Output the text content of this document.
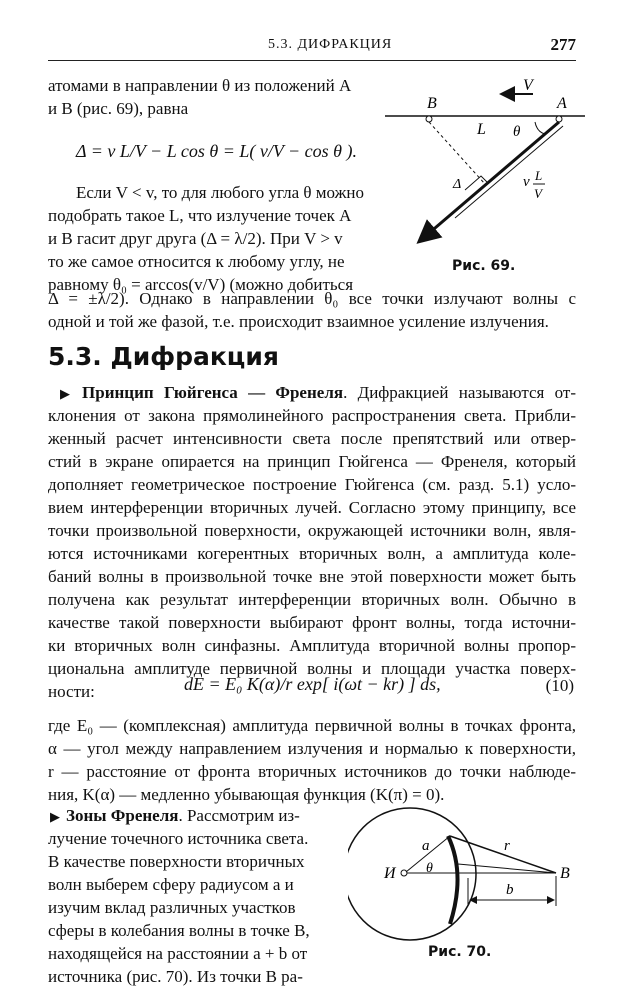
5.3. ДИФРАКЦИЯ	277
атомами в направлении θ из положений A
и B (рис. 69), равна
Δ = v L/V − L cos θ = L( v/V − cos θ ).
Если V < v, то для любого угла θ можно
подобрать такое L, что излучение точек A
и B гасит друг друга (Δ = λ/2). При V > v
то же самое относится к любому углу, не
равному θ₀ = arccos(v/V) (можно добиться
Δ = ±λ/2). Однако в направлении θ₀ все точки излучают волны с
одной и той же фазой, т.е. происходит взаимное усиление излучения.
V
B	A
L θ
Δ	v L
V
Рис. 69.
5.3. Дифракция
▶ Принцип Гюйгенса — Френеля. Дифракцией называются от-
клонения от закона прямолинейного распространения света. Прибли-
женный расчет интенсивности света после препятствий или отвер-
стий в экране опирается на принцип Гюйгенса — Френеля, который
дополняет геометрическое построение Гюйгенса (см. разд. 5.1) усло-
вием интерференции вторичных лучей. Согласно этому принципу, все
точки произвольной поверхности, окружающей источники волн, явля-
ются источниками когерентных вторичных волн, а амплитуда коле-
баний волны в произвольной точке вне этой поверхности может быть
получена как результат интерференции вторичных волн. Обычно в
качестве такой поверхности выбирают фронт волны, тогда источни-
ки вторичных волн синфазны. Амплитуда вторичной волны пропор-
циональна амплитуде первичной волны и площади участка поверх-
ности:	dE = E₀ K(α)/r exp[ i(ωt − kr) ] ds,	(10)
где E₀ — (комплексная) амплитуда первичной волны в точках фронта,
α — угол между направлением излучения и нормалью к поверхности,
r — расстояние от фронта вторичных источников до точки наблюде-
ния, K(α) — медленно убывающая функция (K(π) = 0).
▶ Зоны Френеля. Рассмотрим из-
лучение точечного источника света.
В качестве поверхности вторичных
волн выберем сферу радиусом a и
изучим вклад различных участков
сферы в колебания волны в точке B,
находящейся на расстоянии a + b от
источника (рис. 70). Из точки B ра-
И
a
θ
r
B
b
Рис. 70.
